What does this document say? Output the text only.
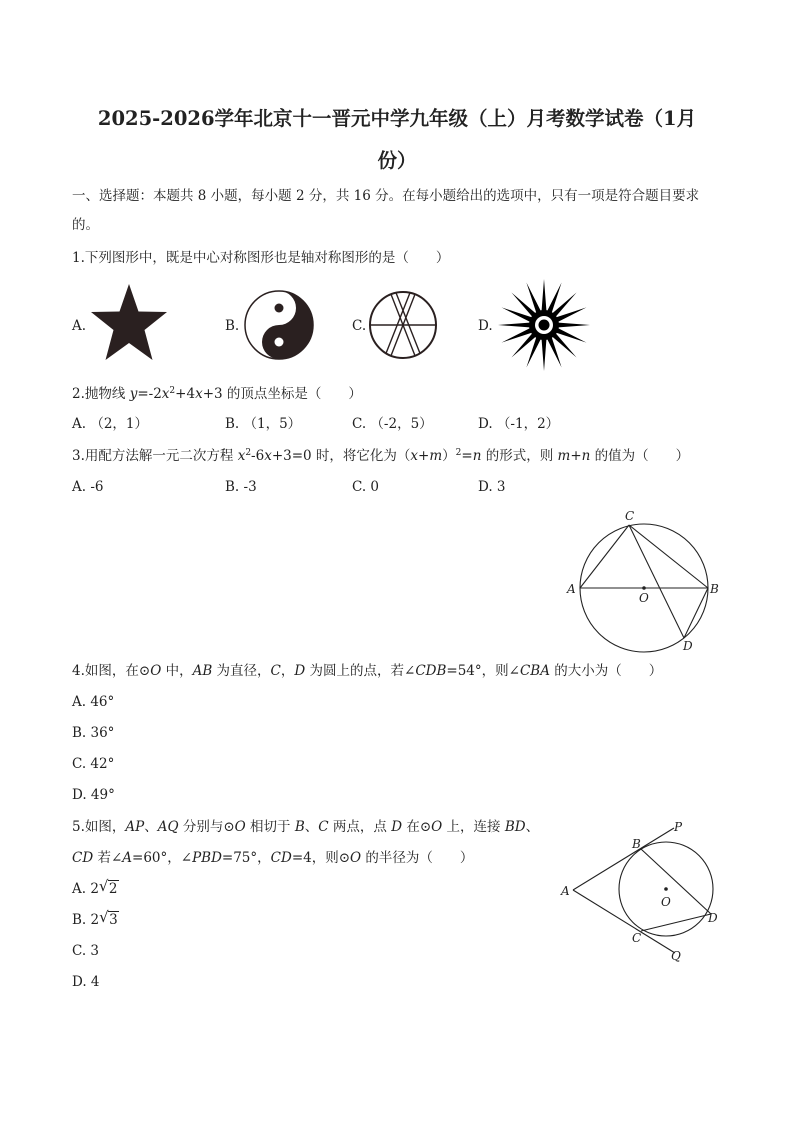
2025-2026学年北京十一晋元中学九年级（上）月考数学试卷（1月
份）
一、选择题：本题共 8 小题，每小题 2 分，共 16 分。在每小题给出的选项中，只有一项是符合题目要求
的。
1.下列图形中，既是中心对称图形也是轴对称图形的是（　　）
A.	B.	C.	D.
2.抛物线 $y=-2x^2+4x+3$ 的顶点坐标是（　　）
A. （2，1）	B. （1，5）	C. （-2，5）	D. （-1，2）
3.用配方法解一元二次方程 $x^2-6x+3=0$ 时，将它化为$(x+m)^2=n$ 的形式，则 m+n 的值为（　　）
A. -6	B. -3	C. 0	D. 3
C
A	B
O
D
4.如图，在⊙O 中，AB 为直径，C，D 为圆上的点，若∠CDB=54°，则∠CBA 的大小为（　　）
A. 46°
B. 36°
C. 42°
D. 49°
5.如图，AP、AQ 分别与⊙O 相切于 B、C 两点，点 D 在⊙O 上，连接 BD、
CD 若∠A=60°，∠PBD=75°，CD=4，则⊙O 的半径为（　　）
A. 2 √ 2
B. 2 √ 3
C. 3
D. 4
P
B
A
O
D
C
Q
